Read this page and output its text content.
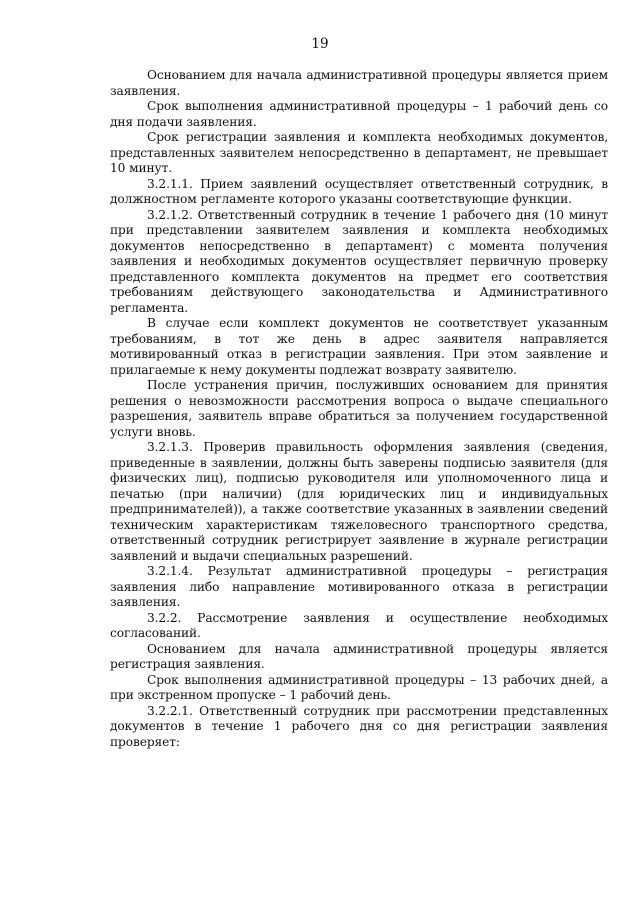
19

Основанием для начала административной процедуры является прием заявления.

Срок выполнения административной процедуры – 1 рабочий день со дня подачи заявления.

Срок регистрации заявления и комплекта необходимых документов, представленных заявителем непосредственно в департамент, не превышает 10 минут.

3.2.1.1. Прием заявлений осуществляет ответственный сотрудник, в должностном регламенте которого указаны соответствующие функции.

3.2.1.2. Ответственный сотрудник в течение 1 рабочего дня (10 минут при представлении заявителем заявления и комплекта необходимых документов непосредственно в департамент) с момента получения заявления и необходимых документов осуществляет первичную проверку представленного комплекта документов на предмет его соответствия требованиям действующего законодательства и Административного регламента.

В случае если комплект документов не соответствует указанным требованиям, в тот же день в адрес заявителя направляется мотивированный отказ в регистрации заявления. При этом заявление и прилагаемые к нему документы подлежат возврату заявителю.

После устранения причин, послуживших основанием для принятия решения о невозможности рассмотрения вопроса о выдаче специального разрешения, заявитель вправе обратиться за получением государственной услуги вновь.

3.2.1.3. Проверив правильность оформления заявления (сведения, приведенные в заявлении, должны быть заверены подписью заявителя (для физических лиц), подписью руководителя или уполномоченного лица и печатью (при наличии) (для юридических лиц и индивидуальных предпринимателей)), а также соответствие указанных в заявлении сведений техническим характеристикам тяжеловесного транспортного средства, ответственный сотрудник регистрирует заявление в журнале регистрации заявлений и выдачи специальных разрешений.

3.2.1.4. Результат административной процедуры – регистрация заявления либо направление мотивированного отказа в регистрации заявления.

3.2.2. Рассмотрение заявления и осуществление необходимых согласований.

Основанием для начала административной процедуры является регистрация заявления.

Срок выполнения административной процедуры – 13 рабочих дней, а при экстренном пропуске – 1 рабочий день.

3.2.2.1. Ответственный сотрудник при рассмотрении представленных документов в течение 1 рабочего дня со дня регистрации заявления проверяет:
